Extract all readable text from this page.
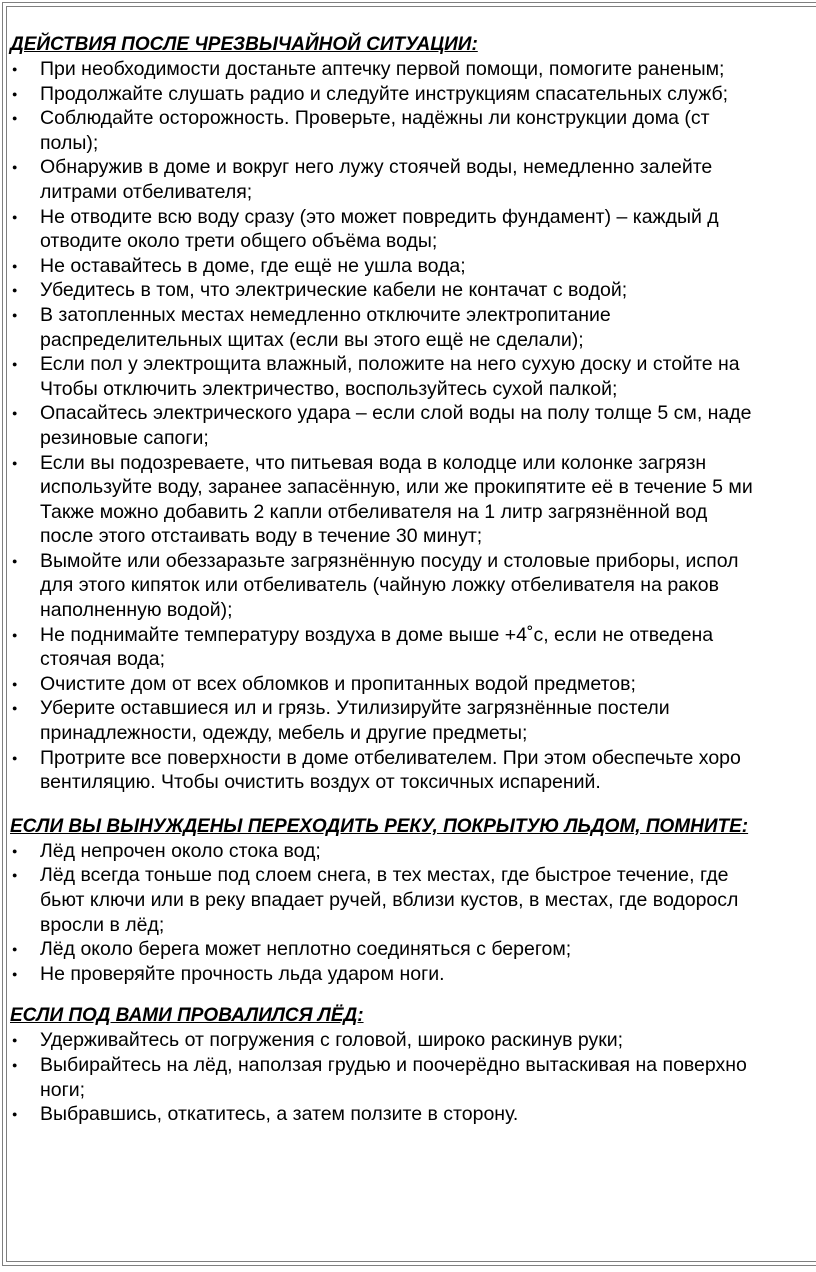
ДЕЙСТВИЯ ПОСЛЕ ЧРЕЗВЫЧАЙНОЙ СИТУАЦИИ:
● При необходимости достаньте аптечку первой помощи, помогите раненым;
● Продолжайте слушать радио и следуйте инструкциям спасательных служб;
● Соблюдайте осторожность. Проверьте, надёжны ли конструкции дома (ст
полы);
● Обнаружив в доме и вокруг него лужу стоячей воды, немедленно залейте
литрами отбеливателя;
● Не отводите всю воду сразу (это может повредить фундамент) – каждый д
отводите около трети общего объёма воды;
● Не оставайтесь в доме, где ещё не ушла вода;
● Убедитесь в том, что электрические кабели не контачат с водой;
● В затопленных местах немедленно отключите электропитание
распределительных щитах (если вы этого ещё не сделали);
● Если пол у электрощита влажный, положите на него сухую доску и стойте на
Чтобы отключить электричество, воспользуйтесь сухой палкой;
● Опасайтесь электрического удара – если слой воды на полу толще 5 см, наде
резиновые сапоги;
● Если вы подозреваете, что питьевая вода в колодце или колонке загрязн
используйте воду, заранее запасённую, или же прокипятите её в течение 5 ми
Также можно добавить 2 капли отбеливателя на 1 литр загрязнённой вод
после этого отстаивать воду в течение 30 минут;
● Вымойте или обеззаразьте загрязнённую посуду и столовые приборы, испол
для этого кипяток или отбеливатель (чайную ложку отбеливателя на раков
наполненную водой);
● Не поднимайте температуру воздуха в доме выше +4˚с, если не отведена
стоячая вода;
● Очистите дом от всех обломков и пропитанных водой предметов;
● Уберите оставшиеся ил и грязь. Утилизируйте загрязнённые постели
принадлежности, одежду, мебель и другие предметы;
● Протрите все поверхности в доме отбеливателем. При этом обеспечьте хоро
вентиляцию. Чтобы очистить воздух от токсичных испарений.
ЕСЛИ ВЫ ВЫНУЖДЕНЫ ПЕРЕХОДИТЬ РЕКУ, ПОКРЫТУЮ ЛЬДОМ, ПОМНИТЕ:
● Лёд непрочен около стока вод;
● Лёд всегда тоньше под слоем снега, в тех местах, где быстрое течение, где
бьют ключи или в реку впадает ручей, вблизи кустов, в местах, где водоросл
вросли в лёд;
● Лёд около берега может неплотно соединяться с берегом;
● Не проверяйте прочность льда ударом ноги.
ЕСЛИ ПОД ВАМИ ПРОВАЛИЛСЯ ЛЁД:
● Удерживайтесь от погружения с головой, широко раскинув руки;
● Выбирайтесь на лёд, наползая грудью и поочерёдно вытаскивая на поверхно
ноги;
● Выбравшись, откатитесь, а затем ползите в сторону.
